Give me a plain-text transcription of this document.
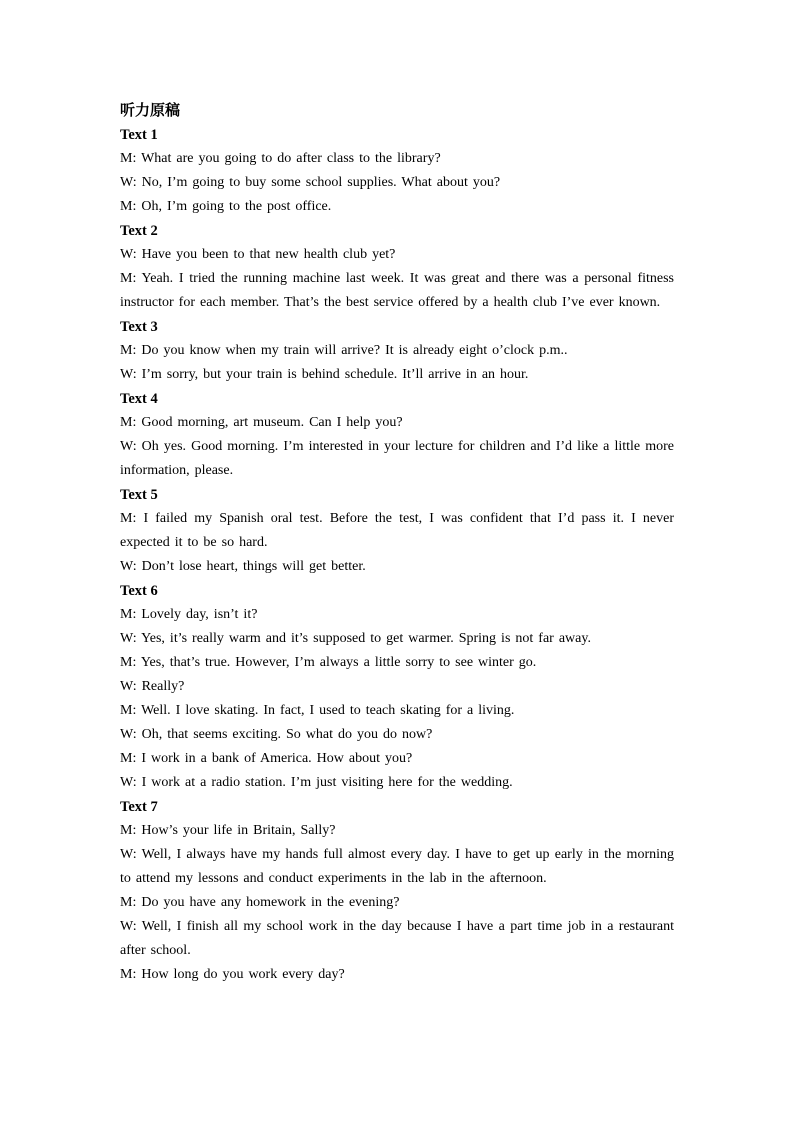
听力原稿
Text 1
M: What are you going to do after class to the library?
W: No, I’m going to buy some school supplies. What about you?
M: Oh, I’m going to the post office.
Text 2
W: Have you been to that new health club yet?
M: Yeah. I tried the running machine last week. It was great and there was a personal fitness instructor for each member. That’s the best service offered by a health club I’ve ever known.
Text 3
M: Do you know when my train will arrive? It is already eight o’clock p.m..
W: I’m sorry, but your train is behind schedule. It’ll arrive in an hour.
Text 4
M: Good morning, art museum. Can I help you?
W: Oh yes. Good morning. I’m interested in your lecture for children and I’d like a little more information, please.
Text 5
M: I failed my Spanish oral test. Before the test, I was confident that I’d pass it. I never expected it to be so hard.
W: Don’t lose heart, things will get better.
Text 6
M: Lovely day, isn’t it?
W: Yes, it’s really warm and it’s supposed to get warmer. Spring is not far away.
M: Yes, that’s true. However, I’m always a little sorry to see winter go.
W: Really?
M: Well. I love skating. In fact, I used to teach skating for a living.
W: Oh, that seems exciting. So what do you do now?
M: I work in a bank of America. How about you?
W: I work at a radio station. I’m just visiting here for the wedding.
Text 7
M: How’s your life in Britain, Sally?
W: Well, I always have my hands full almost every day. I have to get up early in the morning to attend my lessons and conduct experiments in the lab in the afternoon.
M: Do you have any homework in the evening?
W: Well, I finish all my school work in the day because I have a part time job in a restaurant after school.
M: How long do you work every day?
